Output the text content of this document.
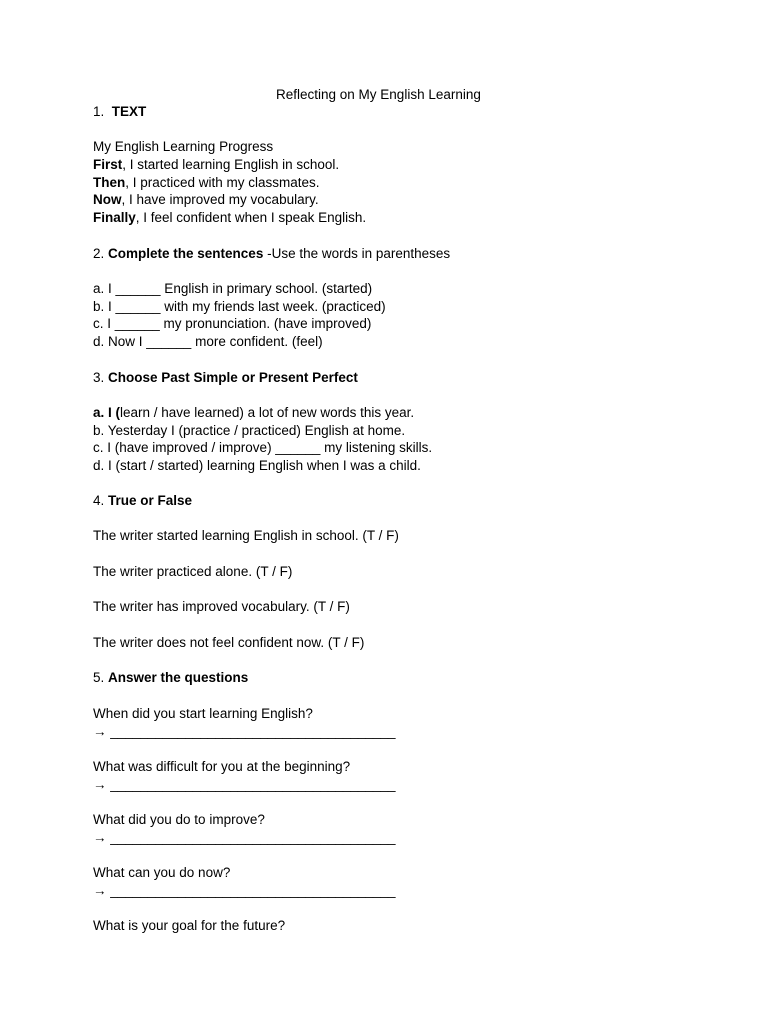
Reflecting on My English Learning
1. TEXT
My English Learning Progress
First, I started learning English in school.
Then, I practiced with my classmates.
Now, I have improved my vocabulary.
Finally, I feel confident when I speak English.
2. Complete the sentences -Use the words in parentheses
a. I ______ English in primary school. (started)
b. I ______ with my friends last week. (practiced)
c. I ______ my pronunciation. (have improved)
d. Now I ______ more confident. (feel)
3. Choose Past Simple or Present Perfect
a. I (learn / have learned) a lot of new words this year.
b. Yesterday I (practice / practiced) English at home.
c. I (have improved / improve) ______ my listening skills.
d. I (start / started) learning English when I was a child.
4. True or False
The writer started learning English in school. (T / F)
The writer practiced alone. (T / F)
The writer has improved vocabulary. (T / F)
The writer does not feel confident now. (T / F)
5. Answer the questions
When did you start learning English?
→ ______________________________________
What was difficult for you at the beginning?
→ ______________________________________
What did you do to improve?
→ ______________________________________
What can you do now?
→ ______________________________________
What is your goal for the future?
